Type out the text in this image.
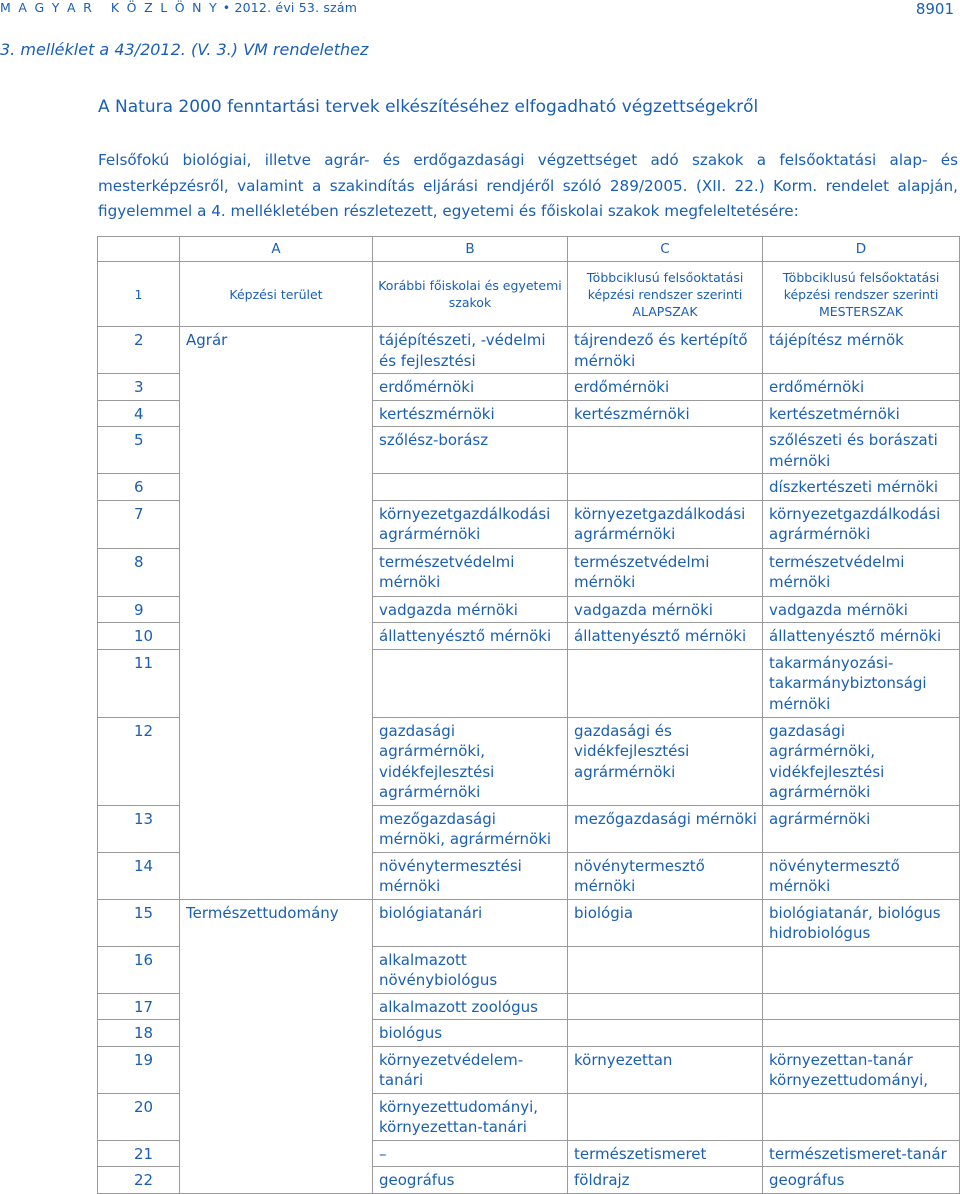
M A G Y A R   K Ö Z L Ö N Y • 2012. évi 53. szám	8901
3. melléklet a 43/2012. (V. 3.) VM rendelethez
A Natura 2000 fenntartási tervek elkészítéséhez elfogadható végzettségekről

Felsőfokú biológiai, illetve agrár- és erdőgazdasági végzettséget adó szakok a felsőoktatási alap- és mesterképzésről, valamint a szakindítás eljárási rendjéről szóló 289/2005. (XII. 22.) Korm. rendelet alapján, figyelemmel a 4. mellékletében részletezett, egyetemi és főiskolai szakok megfeleltetésére:

	A	B	C	D
1	Képzési terület	Korábbi főiskolai és egyetemi szakok	Többciklusú felsőoktatási képzési rendszer szerinti ALAPSZAK	Többciklusú felsőoktatási képzési rendszer szerinti MESTERSZAK
2	Agrár	tájépítészeti, -védelmi és fejlesztési	tájrendező és kertépítő mérnöki	tájépítész mérnök
3		erdőmérnöki	erdőmérnöki	erdőmérnöki
4		kertészmérnöki	kertészmérnöki	kertészetmérnöki
5		szőlész-borász		szőlészeti és borászati mérnöki
6				díszkertészeti mérnöki
7		környezetgazdálkodási agrármérnöki	környezetgazdálkodási agrármérnöki	környezetgazdálkodási agrármérnöki
8		természetvédelmi mérnöki	természetvédelmi mérnöki	természetvédelmi mérnöki
9		vadgazda mérnöki	vadgazda mérnöki	vadgazda mérnöki
10		állattenyésztő mérnöki	állattenyésztő mérnöki	állattenyésztő mérnöki
11				takarmányozási-takarmánybiztonsági mérnöki
12		gazdasági agrármérnöki, vidékfejlesztési agrármérnöki	gazdasági és vidékfejlesztési agrármérnöki	gazdasági agrármérnöki, vidékfejlesztési agrármérnöki
13		mezőgazdasági mérnöki, agrármérnöki	mezőgazdasági mérnöki	agrármérnöki
14		növénytermesztési mérnöki	növénytermesztő mérnöki	növénytermesztő mérnöki
15	Természettudomány	biológiatanári	biológia	biológiatanár, biológus hidrobiológus
16		alkalmazott növénybiológus		
17		alkalmazott zoológus		
18		biológus		
19		környezetvédelem-tanári	környezettan	környezettan-tanár környezettudományi,
20		környezettudományi, környezettan-tanári		
21		–	természetismeret	természetismeret-tanár
22		geográfus	földrajz	geográfus
